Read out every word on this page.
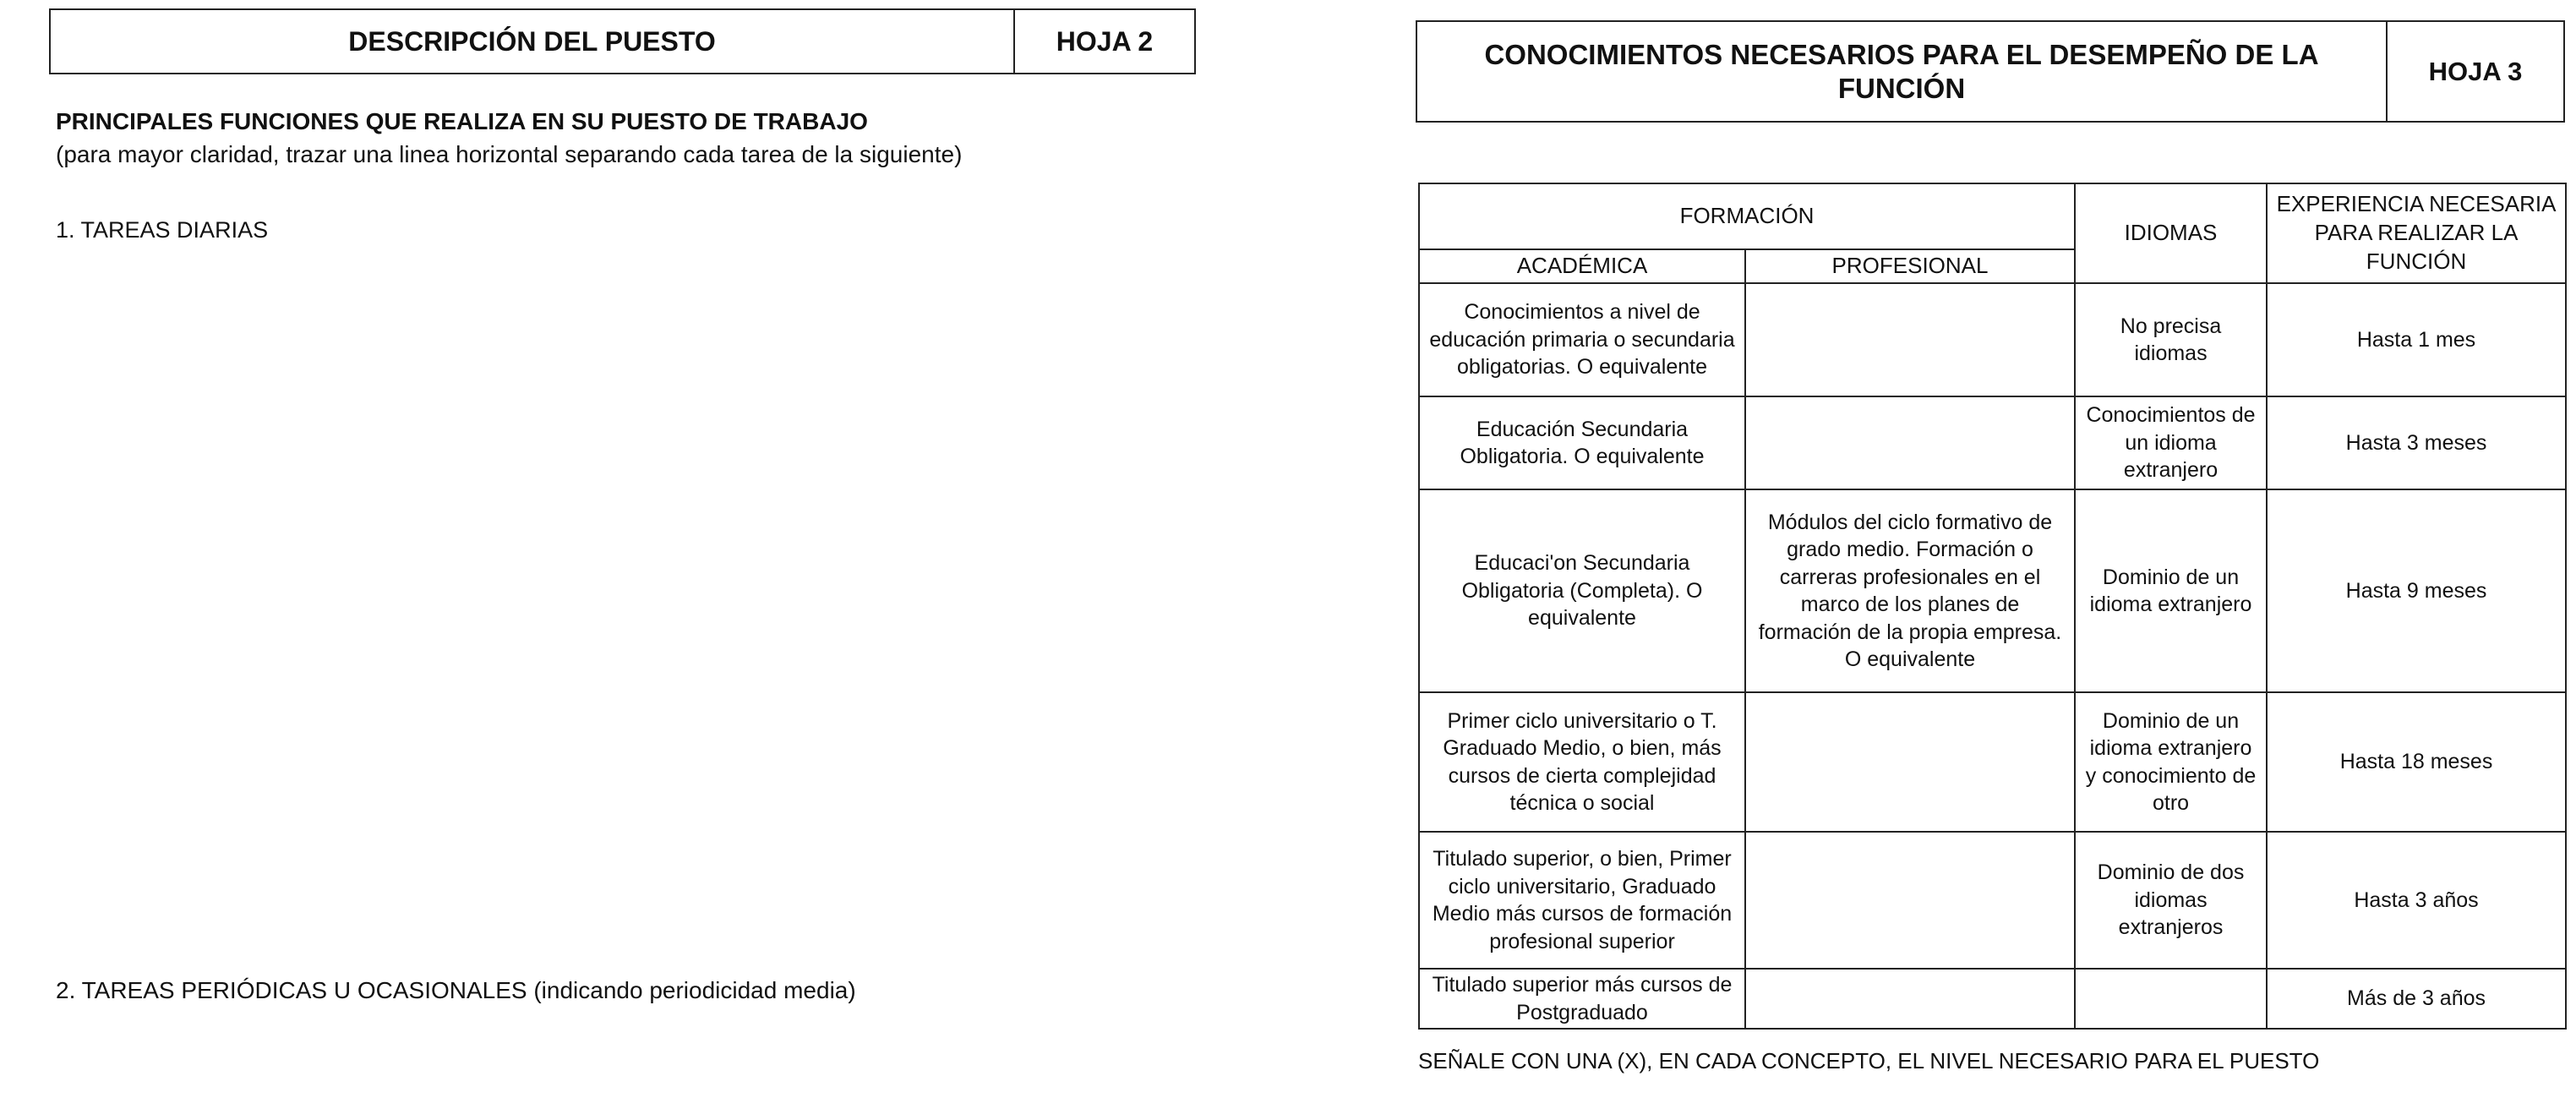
DESCRIPCIÓN DEL PUESTO	HOJA 2
PRINCIPALES FUNCIONES QUE REALIZA EN SU PUESTO DE TRABAJO
(para mayor claridad, trazar una linea horizontal separando cada tarea de la siguiente)
1. TAREAS DIARIAS
2. TAREAS PERIÓDICAS U OCASIONALES (indicando periodicidad media)
CONOCIMIENTOS NECESARIOS PARA EL DESEMPEÑO DE LA FUNCIÓN
HOJA 3
FORMACIÓN		IDIOMAS	EXPERIENCIA NECESARIA PARA REALIZAR LA FUNCIÓN
ACADÉMICA	PROFESIONAL		
Conocimientos a nivel de educación primaria o secundaria obligatorias. O equivalente		No precisa idiomas	Hasta 1 mes
Educación Secundaria Obligatoria. O equivalente		Conocimientos de un idioma extranjero	Hasta 3 meses
Educaci'on Secundaria Obligatoria (Completa). O equivalente	Módulos del ciclo formativo de grado medio. Formación o carreras profesionales en el marco de los planes de formación de la propia empresa. O equivalente	Dominio de un idioma extranjero	Hasta 9 meses
Primer ciclo universitario o T. Graduado Medio, o bien, más cursos de cierta complejidad técnica o social		Dominio de un idioma extranjero y conocimiento de otro	Hasta 18 meses
Titulado superior, o bien, Primer ciclo universitario, Graduado Medio más cursos de formación profesional superior		Dominio de dos idiomas extranjeros	Hasta 3 años
Titulado superior más cursos de Postgraduado			Más de 3 años
SEÑALE CON UNA (X), EN CADA CONCEPTO, EL NIVEL NECESARIO PARA EL PUESTO
